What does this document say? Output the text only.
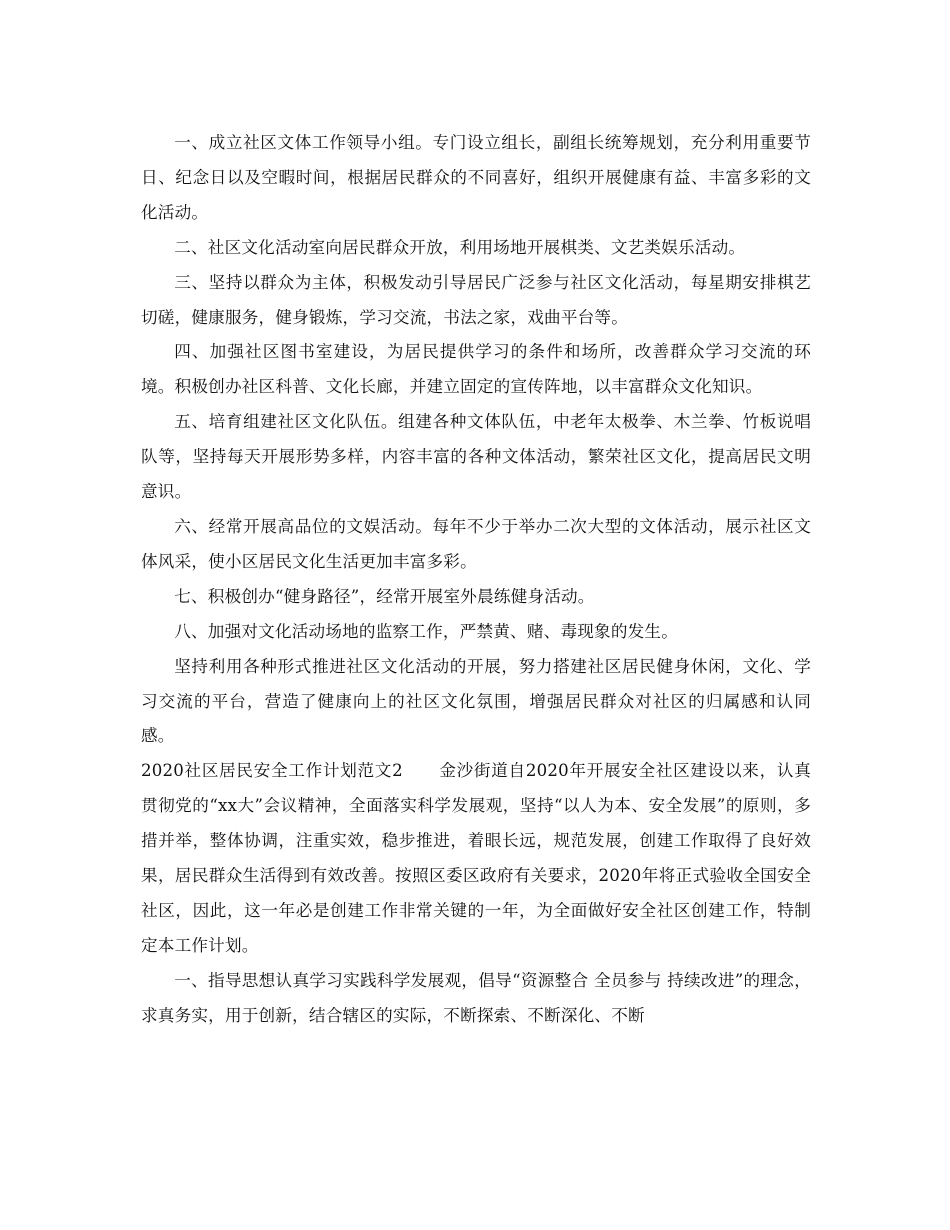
一、成立社区文体工作领导小组。专门设立组长，副组长统筹规划，充分利用重要节日、纪念日以及空暇时间，根据居民群众的不同喜好，组织开展健康有益、丰富多彩的文化活动。

二、社区文化活动室向居民群众开放，利用场地开展棋类、文艺类娱乐活动。

三、坚持以群众为主体，积极发动引导居民广泛参与社区文化活动，每星期安排棋艺切磋，健康服务，健身锻炼，学习交流，书法之家，戏曲平台等。

四、加强社区图书室建设，为居民提供学习的条件和场所，改善群众学习交流的环境。积极创办社区科普、文化长廊，并建立固定的宣传阵地，以丰富群众文化知识。

五、培育组建社区文化队伍。组建各种文体队伍，中老年太极拳、木兰拳、竹板说唱队等，坚持每天开展形势多样，内容丰富的各种文体活动，繁荣社区文化，提高居民文明意识。

六、经常开展高品位的文娱活动。每年不少于举办二次大型的文体活动，展示社区文体风采，使小区居民文化生活更加丰富多彩。

七、积极创办“健身路径”，经常开展室外晨练健身活动。

八、加强对文化活动场地的监察工作，严禁黄、赌、毒现象的发生。

坚持利用各种形式推进社区文化活动的开展，努力搭建社区居民健身休闲，文化、学习交流的平台，营造了健康向上的社区文化氛围，增强居民群众对社区的归属感和认同感。

2020社区居民安全工作计划范文2 金沙街道自2020年开展安全社区建设以来，认真贯彻党的“xx大”会议精神，全面落实科学发展观，坚持“以人为本、安全发展”的原则，多措并举，整体协调，注重实效，稳步推进，着眼长远，规范发展，创建工作取得了良好效果，居民群众生活得到有效改善。按照区委区政府有关要求，2020年将正式验收全国安全社区，因此，这一年必是创建工作非常关键的一年，为全面做好安全社区创建工作，特制定本工作计划。

一、指导思想认真学习实践科学发展观，倡导“资源整合 全员参与 持续改进”的理念，求真务实，用于创新，结合辖区的实际，不断探索、不断深化、不断
